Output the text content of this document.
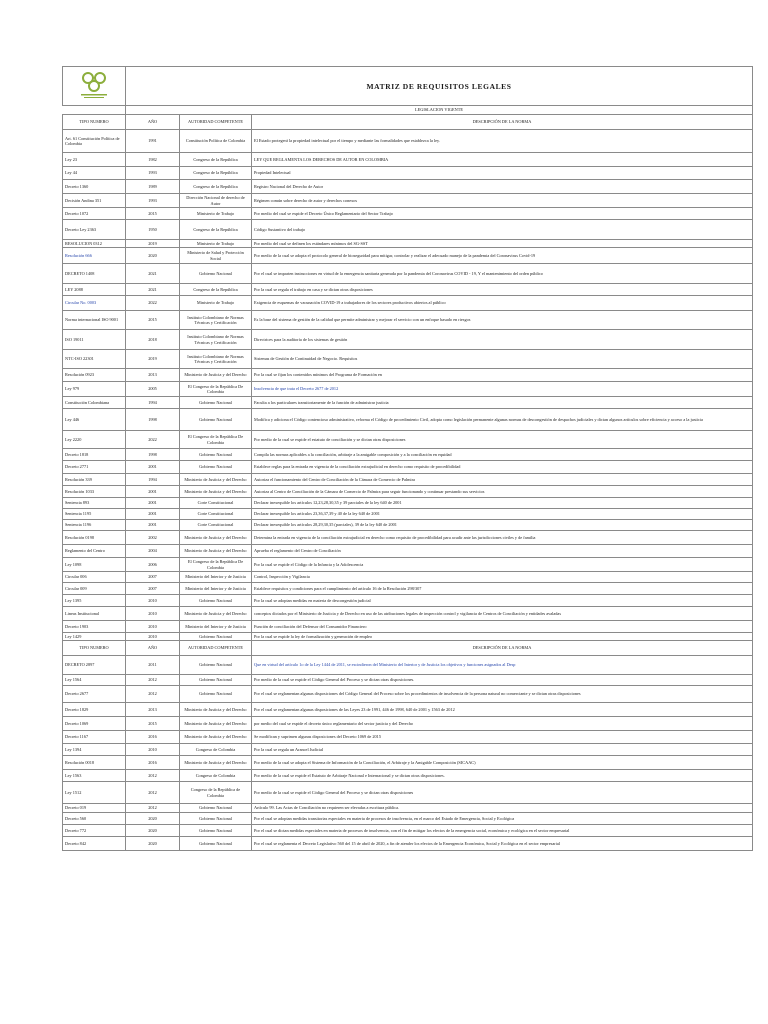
	MATRIZ DE REQUISITOS LEGALES		
	LEGISLACION VIGENTE		
TIPO NUMERO	AÑO	AUTORIDAD COMPETENTE	DESCRIPCIÓN DE LA NORMA
Art. 61 Constitución Política de Colombia	1991	Constitución Política de Colombia	El Estado protegerá la propiedad intelectual por el tiempo y mediante las formalidades que establezca la ley.
Ley 23	1982	Congreso de la República	LEY QUE REGLAMENTA LOS DERECHOS DE AUTOR EN COLOMBIA
Ley 44	1993	Congreso de la República	Propiedad Intelectual
Decreto 1360	1989	Congreso de la República	Registro Nacional del Derecho de Autor
Decisión Andina 351	1993	Dirección Nacional de derecho de Autor	Régimen común sobre derecho de autor y derechos conexos
Decreto 1072	2015	Ministerio de Trabajo	Por medio del cual se expide el Decreto Único Reglamentario del Sector Trabajo
Decreto Ley 2363	1950	Congreso de la República	Código Sustantivo del trabajo
RESOLUCION 0312	2019	Ministerio de Trabajo	Por medio del cual se definen los estándares mínimos del SG-SST
Resolución 666	2020	Ministerio de Salud y Protección Social	Por medio de la cual se adopta el protocolo general de bioseguridad para mitigar, controlar y realizar el adecuado manejo de la pandemia del Coronavirus Covid-19
DECRETO 1408	2021	Gobierno Nacional	Por el cual se imparten instrucciones en virtud de la emergencia sanitaria generada por la pandemia del Coronavirus COVID - 19, Y el mantenimiento del orden público
LEY 2088	2021	Congreso de la República	Por la cual se regula el trabajo en casa y se dictan otras disposiciones
Circular No. 0003	2022	Ministerio de Trabajo	Exigencia de esquemas de vacunación COVID-19 a trabajadores de los sectores productivos abiertos al público
Norma internacional ISO 9001	2015	Instituto Colombiano de Normas Técnicas y Certificación	Es la base del sistema de gestión de la calidad que permite administrar y mejorar el servicio con un enfoque basado en riesgos
ISO 19011	2018	Instituto Colombiano de Normas Técnicas y Certificación	Directrices para la auditoría de los sistemas de gestión
NTC-ISO 22301	2019	Instituto Colombiano de Normas Técnicas y Certificación	Sistemas de Gestión de Continuidad de Negocio. Requisitos
Resolución 0923	2013	Ministerio de Justicia y del Derecho	Por la cual se fijan los contenidos mínimos del Programa de Formación en
Ley 979	2005	El Congreso de la República De Colombia	Insolvencia de que trata el Decreto 2677 de 2012
Constitución Colombiana	1994	Gobierno Nacional	Faculta a los particulares transitoriamente de la función de administrar justicia
Ley 446	1998	Gobierno Nacional	Modifica y adiciona el Código contencioso administrativo, reforma el Código de procedimiento Civil, adopta como legislación permanente algunas normas de descongestión de despachos judiciales y dictan algunos artículos sobre eficiencia y acceso a la justicia
Ley 2220	2022	El Congreso de la República De Colombia	Por medio de la cual se expide el estatuto de conciliación y se dictan otras disposiciones
Decreto 1818	1998	Gobierno Nacional	Compila las normas aplicables a la conciliación, arbitraje a la amigable composición y a la conciliación en equidad
Decreto 2771	2001	Gobierno Nacional	Establece reglas para la entrada en vigencia de la conciliación extrajudicial en derecho como requisito de procedibilidad
Resolución 339	1994	Ministerio de Justicia y del Derecho	Autoriza el funcionamiento del Centro de Conciliación de la Cámara de Comercio de Palmira
Resolución 1033	2001	Ministerio de Justicia y del Derecho	Autoriza al Centro de Conciliación de la Cámara de Comercio de Palmira para seguir funcionando y continuar prestando sus servicios
Sentencia 893	2001	Corte Constitucional	Declarar inexequible los artículos 12,23,28,30,35 y 39 parciales de la ley 640 de 2001
Sentencia 1195	2001	Corte Constitucional	Declarar inexequible los artículos 23,36,37,39 y 40 de la ley 640 de 2001
Sentencia 1196	2001	Corte Constitucional	Declarar inexequible los artículos 28,29,30,35 (parciales), 39 de la ley 640 de 2001
Resolución 0198	2002	Ministerio de Justicia y del Derecho	Determina la entrada en vigencia de la conciliación extrajudicial en derecho como requisito de procedibilidad para acudir ante las jurisdicciones civiles y de familia
Reglamento del Centro	2004	Ministerio de Justicia y del Derecho	Aprueba el reglamento del Centro de Conciliación
Ley 1098	2006	El Congreso de la República De Colombia	Por la cual se expide el Código de la Infancia y la Adolescencia
Circular 006	2007	Ministerio del Interior y de Justicia	Control, Inspección y Vigilancia
Circular 009	2007	Ministerio del Interior y de Justicia	Establece requisitos y condiciones para el cumplimiento del artículo 16 de la Resolución 298/307
Ley 1395	2010	Gobierno Nacional	Por la cual se adoptan medidas en materia de descongestión judicial
Lineas Institucional	2010	Ministerio de Justicia y del Derecho	conceptos dictados por el Ministerio de Justicia y de Derecho en uso de las atribuciones legales de inspección control y vigilancia de Centros de Conciliación y entidades avaladas
Decreto 1903	2010	Ministerio del Interior y de Justicia	Función de conciliación del Defensor del Consumidor Financiero
Ley 1429	2010	Gobierno Nacional	Por la cual se expide la ley de formalización y generación de empleo
TIPO NUMERO	AÑO	AUTORIDAD COMPETENTE	DESCRIPCIÓN DE LA NORMA
DECRETO 2897	2011	Gobierno Nacional	Que en virtud del artículo 1o de la Ley 1444 de 2011, se escindieron del Ministerio del Interior y de Justicia los objetivos y funciones asignados al Desp
Ley 1564	2012	Gobierno Nacional	Por medio de la cual se expide el Código General del Proceso y se dictan otras disposiciones.
Decreto 2677	2012	Gobierno Nacional	Por el cual se reglamentan algunas disposiciones del Código General del Proceso sobre los procedimientos de insolvencia de la persona natural no comerciante y se dictan otras disposiciones
Decreto 1829	2013	Ministerio de Justicia y del Derecho	Por el cual se reglamentan algunas disposiciones de las Leyes 23 de 1991, 446 de 1998, 640 de 2001 y 1563 de 2012
Decreto 1069	2015	Ministerio de Justicia y del Derecho	por medio del cual se expide el decreto único reglamentario del sector justicia y del Derecho
Decreto 1167	2016	Ministerio de Justicia y del Derecho	Se modifican y suprimen algunas disposiciones del Decreto 1069 de 2015
Ley 1394	2010	Congreso de Colombia	Por la cual se regula un Arancel Judicial
Resolución 0018	2016	Ministerio de Justicia y del Derecho	Por medio de la cual se adopta el Sistema de Información de la Conciliación, el Arbitraje y la Amigable Composición (SICAAC)
Ley 1563	2012	Congreso de Colombia	Por medio de la cual se expide el Estatuto de Arbitraje Nacional e Internacional y se dictan otras disposiciones.
Ley 1512	2012	Congreso de la República de Colombia	Por medio de la cual se expide el Código General del Proceso y se dictan otras disposiciones
Decreto 019	2012	Gobierno Nacional	Artículo 99. Las Actas de Conciliación no requieren ser elevadas a escritura pública.
Decreto 560	2020	Gobierno Nacional	Por el cual se adoptan medidas transitorias especiales en materia de procesos de insolvencia, en el marco del Estado de Emergencia, Social y Ecológica
Decreto 772	2020	Gobierno Nacional	Por el cual se dictan medidas especiales en materia de procesos de insolvencia, con el fin de mitigar los efectos de la emergencia social, económica y ecológica en el sector empresarial
Decreto 842	2020	Gobierno Nacional	Por el cual se reglamenta el Decreto Legislativo 560 del 15 de abril de 2020, a fin de atender los efectos de la Emergencia Económica, Social y Ecológica en el sector empresarial
